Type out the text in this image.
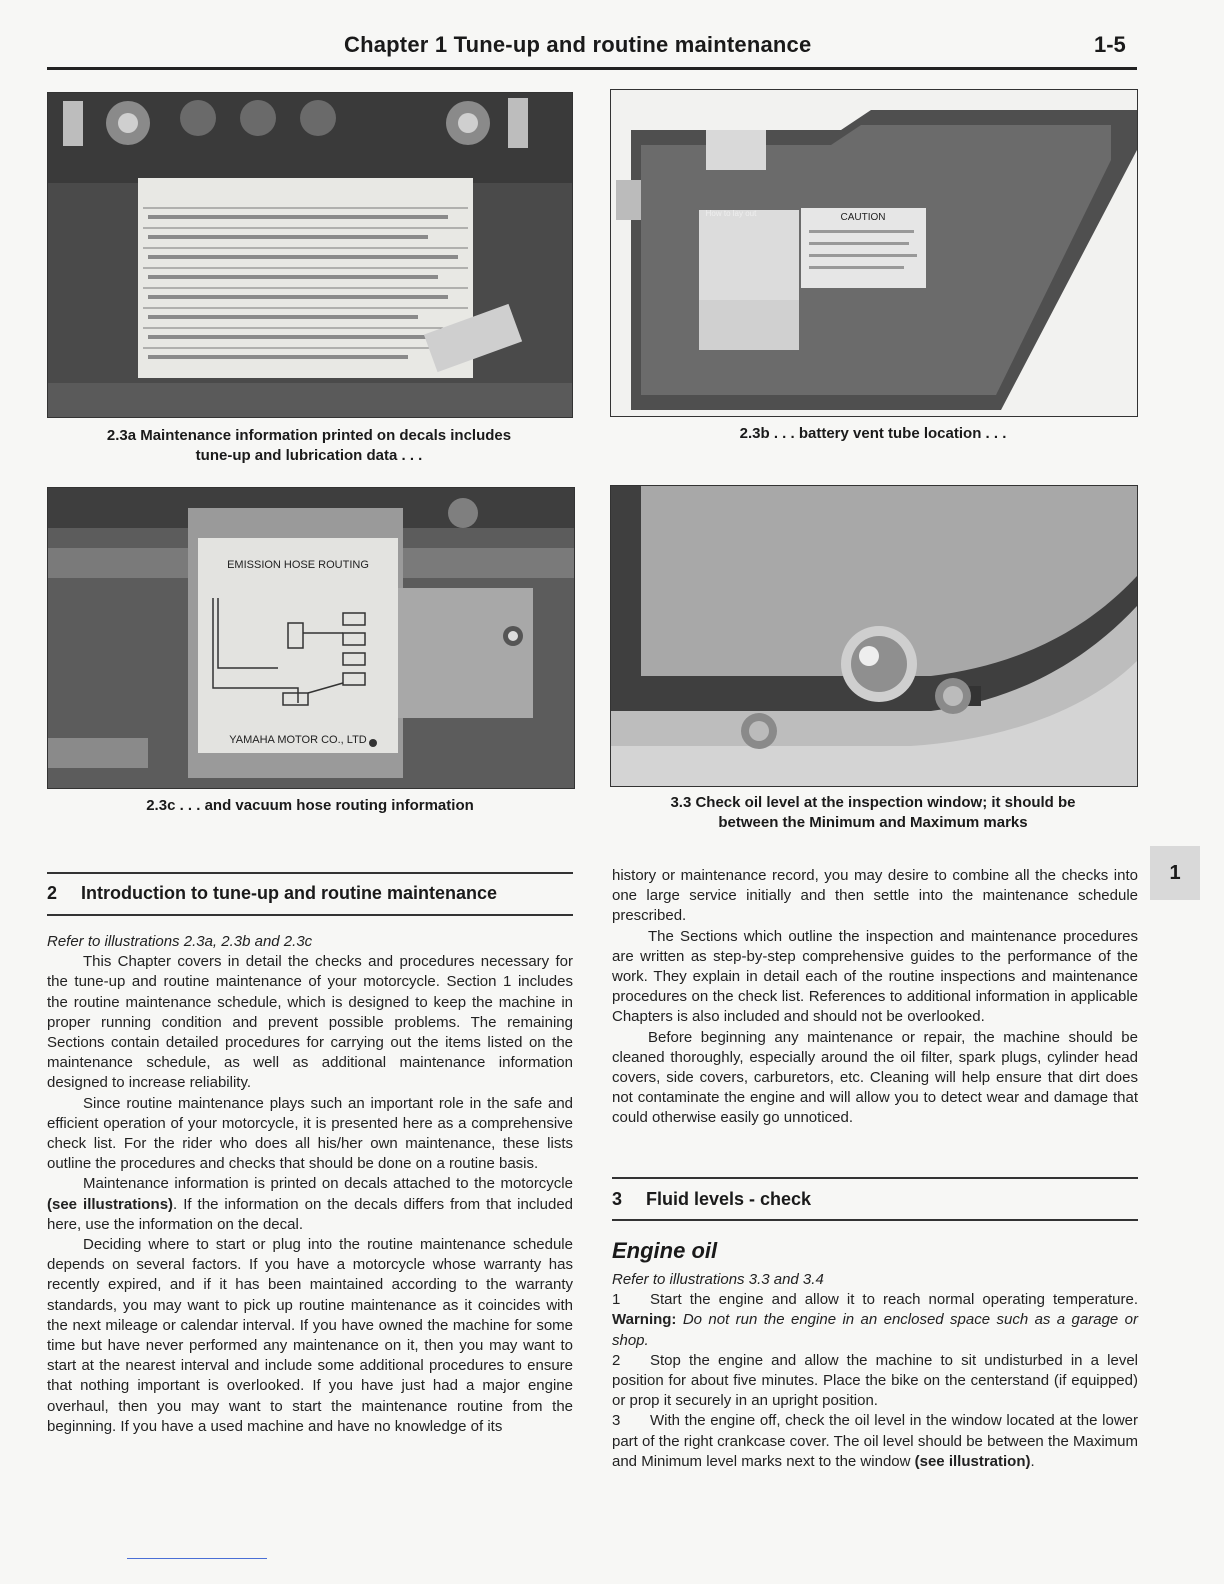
Chapter 1 Tune-up and routine maintenance	1-5
2.3a Maintenance information printed on decals includes
tune-up and lubrication data . . .
CAUTION
How to lay out
2.3b . . . battery vent tube location . . .
EMISSION HOSE ROUTING
YAMAHA MOTOR CO., LTD
2.3c . . . and vacuum hose routing information	3.3 Check oil level at the inspection window; it should be
between the Minimum and Maximum marks
2 Introduction to tune-up and routine maintenance

Refer to illustrations 2.3a, 2.3b and 2.3c

This Chapter covers in detail the checks and procedures necessary for the tune-up and routine maintenance of your motorcycle. Section 1 includes the routine maintenance schedule, which is designed to keep the machine in proper running condition and prevent possible problems. The remaining Sections contain detailed procedures for carrying out the items listed on the maintenance schedule, as well as additional maintenance information designed to increase reliability.

Since routine maintenance plays such an important role in the safe and efficient operation of your motorcycle, it is presented here as a comprehensive check list. For the rider who does all his/her own maintenance, these lists outline the procedures and checks that should be done on a routine basis.

Maintenance information is printed on decals attached to the motorcycle (see illustrations). If the information on the decals differs from that included here, use the information on the decal.

Deciding where to start or plug into the routine maintenance schedule depends on several factors. If you have a motorcycle whose warranty has recently expired, and if it has been maintained according to the warranty standards, you may want to pick up routine maintenance as it coincides with the next mileage or calendar interval. If you have owned the machine for some time but have never performed any maintenance on it, then you may want to start at the nearest interval and include some additional procedures to ensure that nothing important is overlooked. If you have just had a major engine overhaul, then you may want to start the maintenance routine from the beginning. If you have a used machine and have no knowledge of its

history or maintenance record, you may desire to combine all the checks into one large service initially and then settle into the maintenance schedule prescribed.

The Sections which outline the inspection and maintenance procedures are written as step-by-step comprehensive guides to the performance of the work. They explain in detail each of the routine inspections and maintenance procedures on the check list. References to additional information in applicable Chapters is also included and should not be overlooked.

Before beginning any maintenance or repair, the machine should be cleaned thoroughly, especially around the oil filter, spark plugs, cylinder head covers, side covers, carburetors, etc. Cleaning will help ensure that dirt does not contaminate the engine and will allow you to detect wear and damage that could otherwise easily go unnoticed.

3 Fluid levels - check
Engine oil

Refer to illustrations 3.3 and 3.4

1 Start the engine and allow it to reach normal operating temperature. Warning: Do not run the engine in an enclosed space such as a garage or shop.

2 Stop the engine and allow the machine to sit undisturbed in a level position for about five minutes. Place the bike on the centerstand (if equipped) or prop it securely in an upright position.

3 With the engine off, check the oil level in the window located at the lower part of the right crankcase cover. The oil level should be between the Maximum and Minimum level marks next to the window (see illustration).

1
